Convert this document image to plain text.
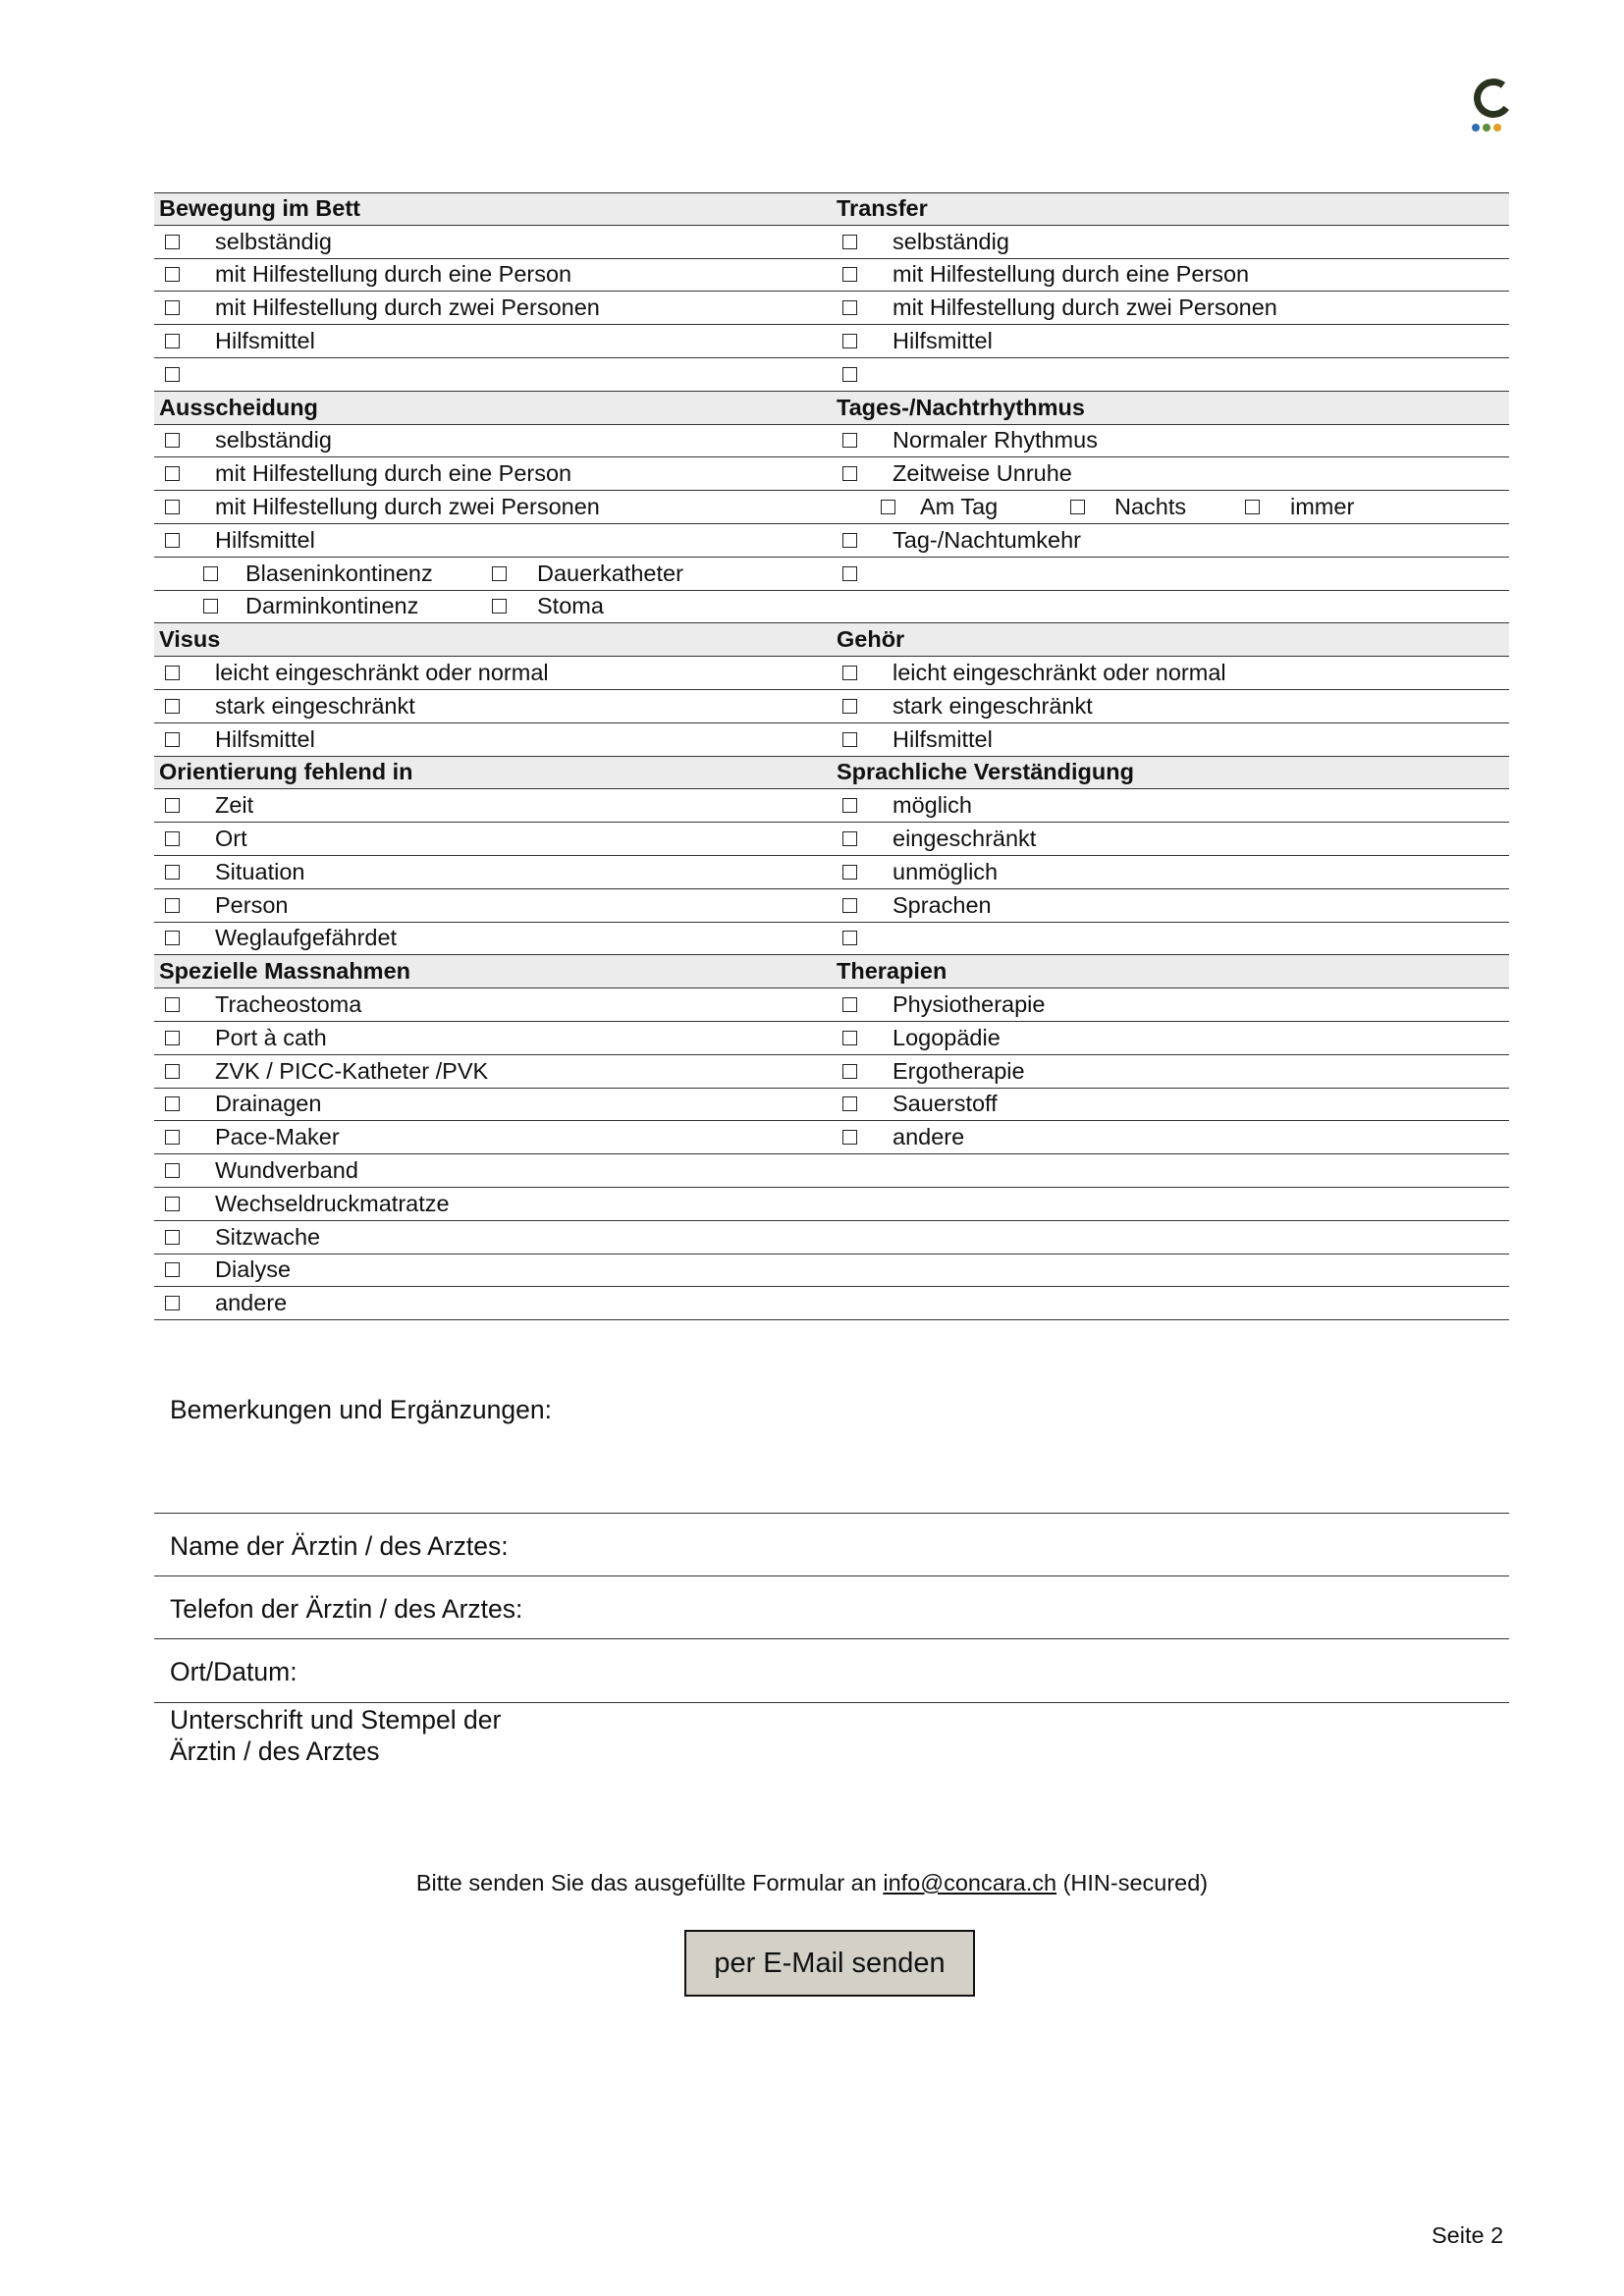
Bewegung im Bett	Transfer
selbständig	selbständig
mit Hilfestellung durch eine Person	mit Hilfestellung durch eine Person
mit Hilfestellung durch zwei Personen	mit Hilfestellung durch zwei Personen
Hilfsmittel	Hilfsmittel
Ausscheidung	Tages-/Nachtrhythmus
selbständig	Normaler Rhythmus
mit Hilfestellung durch eine Person	Zeitweise Unruhe
mit Hilfestellung durch zwei Personen	Am Tag	Nachts	immer
Hilfsmittel	Tag-/Nachtumkehr
Blaseninkontinenz	Dauerkatheter
Darminkontinenz	Stoma
Visus	Gehör
leicht eingeschränkt oder normal	leicht eingeschränkt oder normal
stark eingeschränkt	stark eingeschränkt
Hilfsmittel	Hilfsmittel
Orientierung fehlend in	Sprachliche Verständigung
Zeit	möglich
Ort	eingeschränkt
Situation	unmöglich
Person	Sprachen
Weglaufgefährdet
Spezielle Massnahmen	Therapien
Tracheostoma	Physiotherapie
Port à cath	Logopädie
ZVK / PICC-Katheter /PVK	Ergotherapie
Drainagen	Sauerstoff
Pace-Maker	andere
Wundverband
Wechseldruckmatratze
Sitzwache
Dialyse
andere
Bemerkungen und Ergänzungen:
Name der Ärztin / des Arztes:
Telefon der Ärztin / des Arztes:
Ort/Datum:
Unterschrift und Stempel der
Ärztin / des Arztes
Bitte senden Sie das ausgefüllte Formular an info@concara.ch (HIN-secured)
per E-Mail senden
Seite 2
